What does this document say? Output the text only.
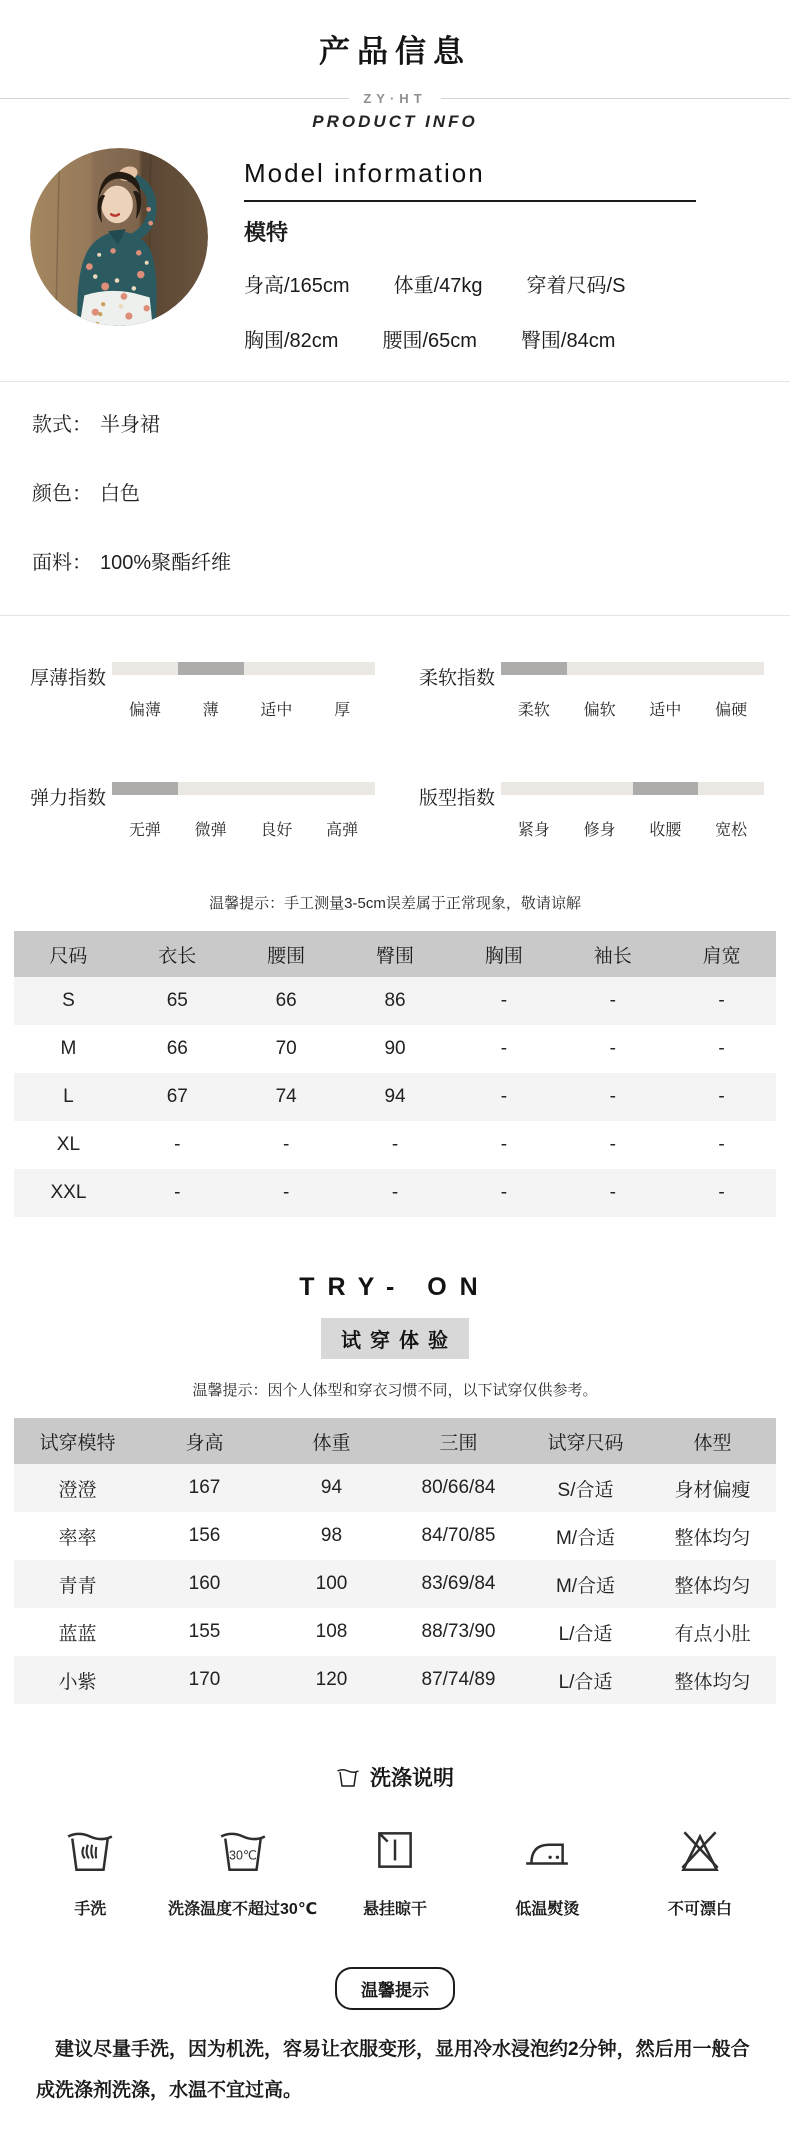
产品信息
ZY·HT
PRODUCT INFO
Model information
模特
身高/165cm 体重/47kg 穿着尺码/S
胸围/82cm 腰围/65cm 臀围/84cm
款式： 半身裙
颜色： 白色
面料： 100%聚酯纤维
厚薄指数
偏薄	薄	适中	厚
柔软指数
柔软	偏软	适中	偏硬
弹力指数
无弹	微弹	良好	高弹
版型指数
紧身	修身	收腰	宽松
温馨提示：手工测量3-5cm误差属于正常现象，敬请谅解
尺码	衣长	腰围	臀围	胸围	袖长	肩宽
S	65	66	86	-	-	-
M	66	70	90	-	-	-
L	67	74	94	-	-	-
XL	-	-	-	-	-	-
XXL	-	-	-	-	-	-
TRY- ON
试穿体验
温馨提示：因个人体型和穿衣习惯不同，以下试穿仅供参考。
试穿模特	身高	体重	三围	试穿尺码	体型
澄澄	167	94	80/66/84	S/合适	身材偏瘦
率率	156	98	84/70/85	M/合适	整体均匀
青青	160	100	83/69/84	M/合适	整体均匀
蓝蓝	155	108	88/73/90	L/合适	有点小肚
小紫	170	120	87/74/89	L/合适	整体均匀
洗涤说明
手洗
30℃
洗涤温度不超过30℃	悬挂晾干	低温熨烫	不可漂白
温馨提示

建议尽量手洗，因为机洗，容易让衣服变形，显用冷水浸泡约2分钟，然后用一般合成洗涤剂洗涤，水温不宜过高。
